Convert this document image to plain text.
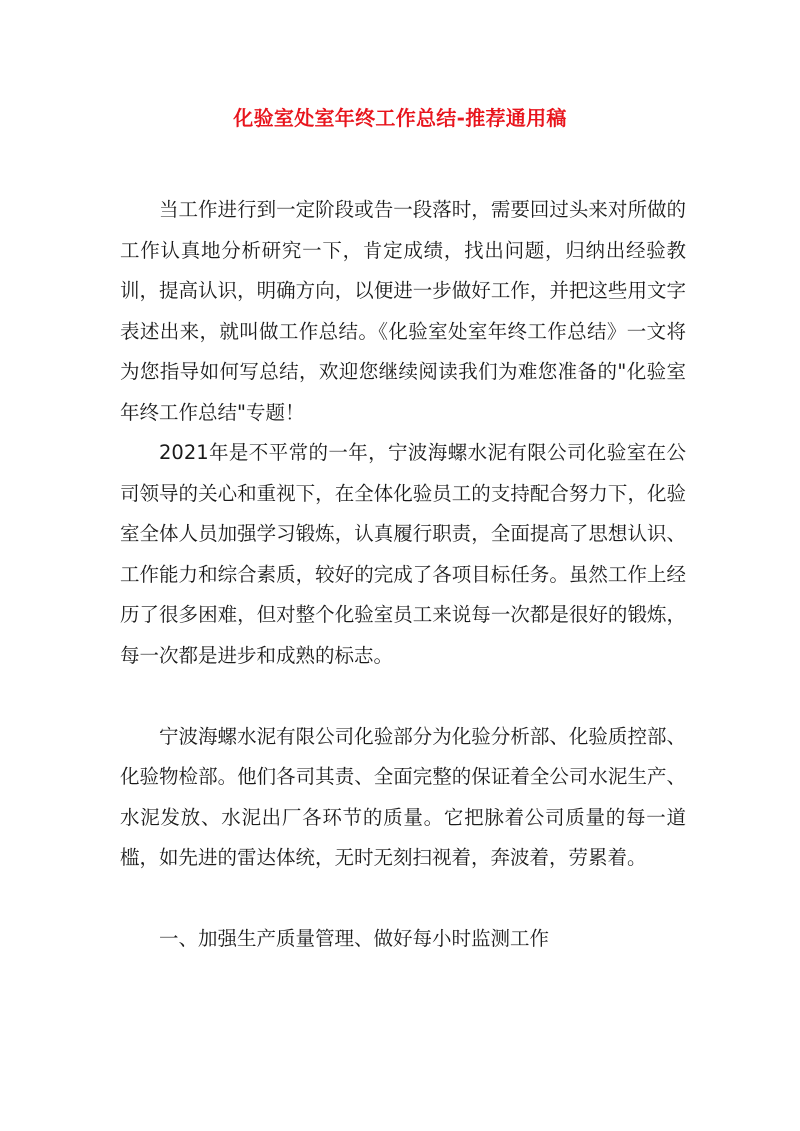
化验室处室年终工作总结-推荐通用稿

当工作进行到一定阶段或告一段落时，需要回过头来对所做的工作认真地分析研究一下，肯定成绩，找出问题，归纳出经验教训，提高认识，明确方向，以便进一步做好工作，并把这些用文字表述出来，就叫做工作总结。《化验室处室年终工作总结》一文将为您指导如何写总结，欢迎您继续阅读我们为难您准备的"化验室年终工作总结"专题！

2021年是不平常的一年，宁波海螺水泥有限公司化验室在公司领导的关心和重视下，在全体化验员工的支持配合努力下，化验室全体人员加强学习锻炼，认真履行职责，全面提高了思想认识、工作能力和综合素质，较好的完成了各项目标任务。虽然工作上经历了很多困难，但对整个化验室员工来说每一次都是很好的锻炼，每一次都是进步和成熟的标志。

宁波海螺水泥有限公司化验部分为化验分析部、化验质控部、化验物检部。他们各司其责、全面完整的保证着全公司水泥生产、水泥发放、水泥出厂各环节的质量。它把脉着公司质量的每一道槛，如先进的雷达体统，无时无刻扫视着，奔波着，劳累着。

一、加强生产质量管理、做好每小时监测工作
